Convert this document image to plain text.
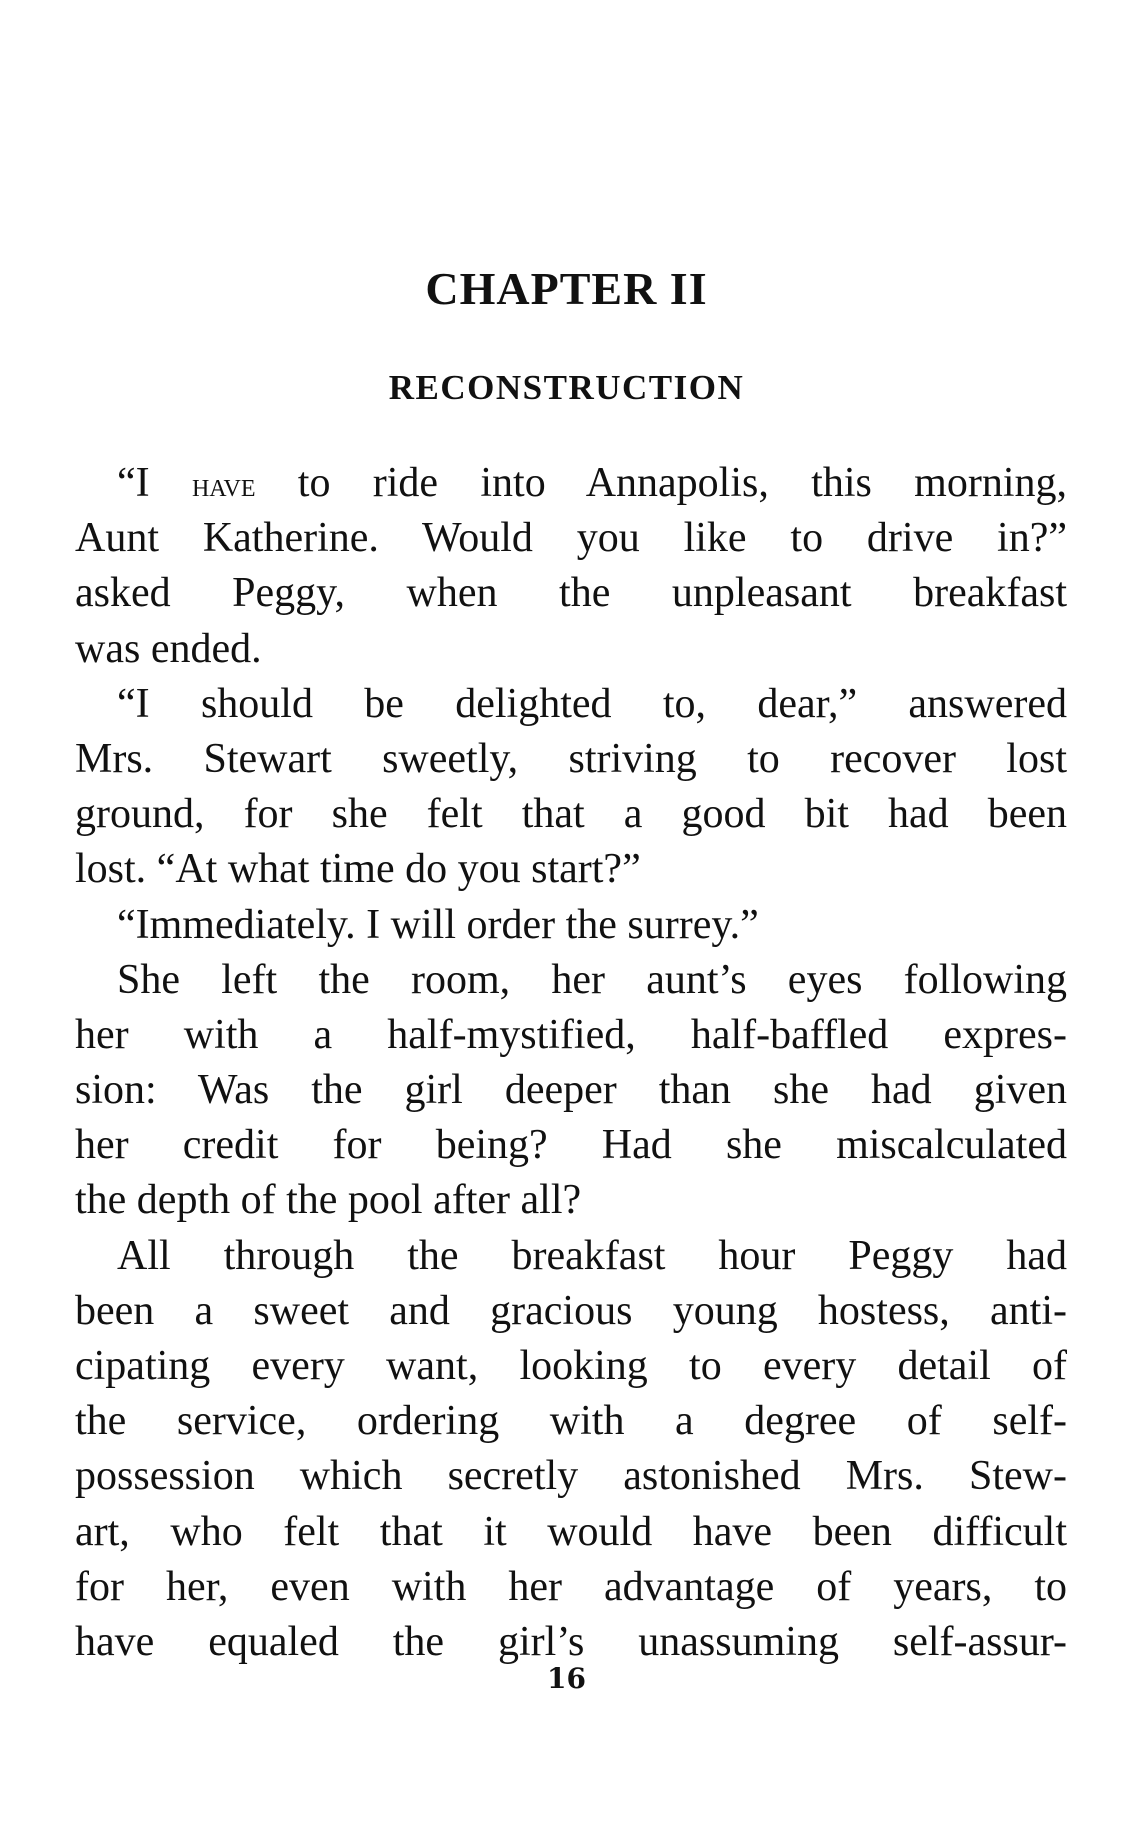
CHAPTER II
RECONSTRUCTION
“I have to ride into Annapolis, this morning,
Aunt Katherine. Would you like to drive in?”
asked Peggy, when the unpleasant breakfast
was ended.
“I should be delighted to, dear,” answered
Mrs. Stewart sweetly, striving to recover lost
ground, for she felt that a good bit had been
lost. “At what time do you start?”
“Immediately. I will order the surrey.”
She left the room, her aunt’s eyes following
her with a half-mystified, half-baffled expres-
sion: Was the girl deeper than she had given
her credit for being? Had she miscalculated
the depth of the pool after all?
All through the breakfast hour Peggy had
been a sweet and gracious young hostess, anti-
cipating every want, looking to every detail of
the service, ordering with a degree of self-
possession which secretly astonished Mrs. Stew-
art, who felt that it would have been difficult
for her, even with her advantage of years, to
have equaled the girl’s unassuming self-assur-
16
